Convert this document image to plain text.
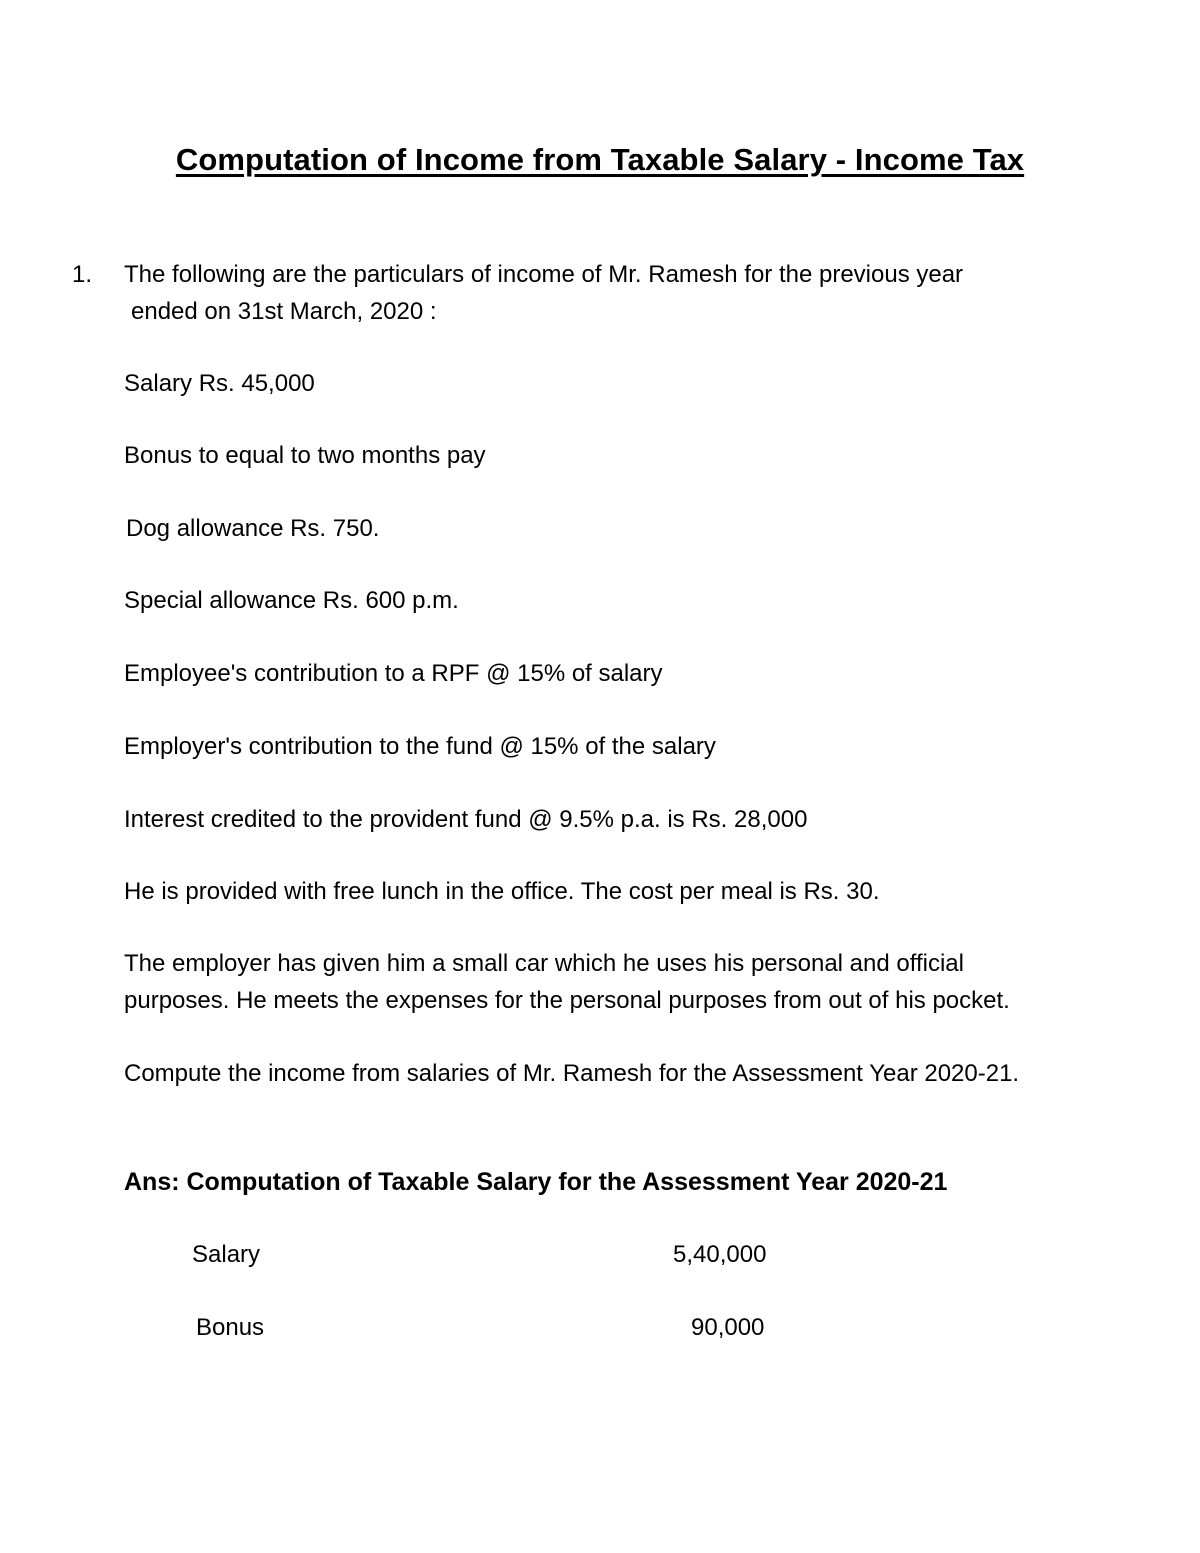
Computation of Income from Taxable Salary - Income Tax
1. The following are the particulars of income of Mr. Ramesh for the previous year
ended on 31st March, 2020 :
Salary Rs. 45,000
Bonus to equal to two months pay
Dog allowance Rs. 750.
Special allowance Rs. 600 p.m.
Employee's contribution to a RPF @ 15% of salary
Employer's contribution to the fund @ 15% of the salary
Interest credited to the provident fund @ 9.5% p.a. is Rs. 28,000
He is provided with free lunch in the office. The cost per meal is Rs. 30.
The employer has given him a small car which he uses his personal and official
purposes. He meets the expenses for the personal purposes from out of his pocket.
Compute the income from salaries of Mr. Ramesh for the Assessment Year 2020-21.
Ans: Computation of Taxable Salary for the Assessment Year 2020-21
Salary	5,40,000
Bonus	90,000
